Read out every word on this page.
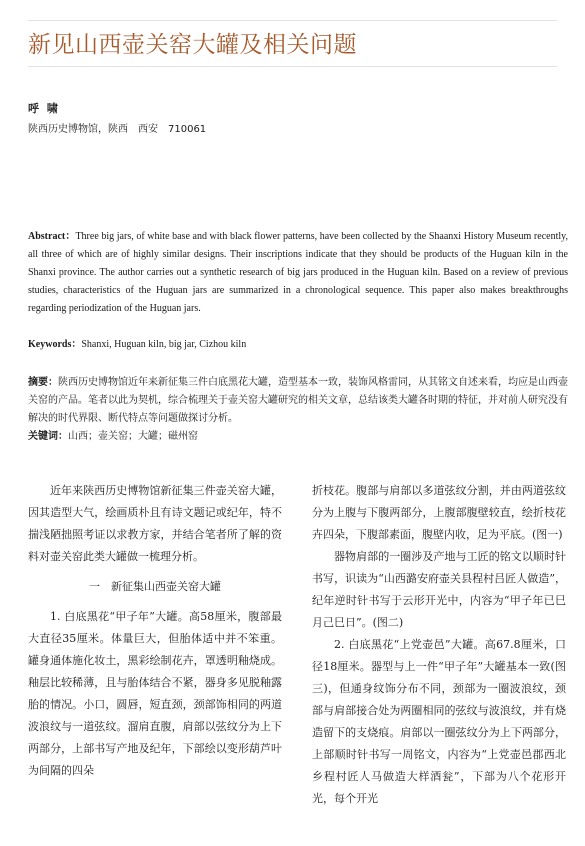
新见山西壶关窑大罐及相关问题
呼 啸
陕西历史博物馆，陕西　西安　710061
Abstract：Three big jars, of white base and with black flower patterns, have been collected by the Shaanxi History Museum recently, all three of which are of highly similar designs. Their inscriptions indicate that they should be products of the Huguan kiln in the Shanxi province. The author carries out a synthetic research of big jars produced in the Huguan kiln. Based on a review of previous studies, characteristics of the Huguan jars are summarized in a chronological sequence. This paper also makes breakthroughs regarding periodization of the Huguan jars.
Keywords：Shanxi, Huguan kiln, big jar, Cizhou kiln
摘要：陕西历史博物馆近年来新征集三件白底黑花大罐，造型基本一致，装饰风格雷同，从其铭文自述来看，均应是山西壶关窑的产品。笔者以此为契机，综合梳理关于壶关窑大罐研究的相关文章，总结该类大罐各时期的特征，并对前人研究没有解决的时代界限、断代特点等问题做探讨分析。
关键词：山西；壶关窑；大罐；磁州窑

近年来陕西历史博物馆新征集三件壶关窑大罐，因其造型大气，绘画质朴且有诗文题记或纪年，特不揣浅陋拙照考证以求教方家，并结合笔者所了解的资料对壶关窑此类大罐做一梳理分析。

一　新征集山西壶关窑大罐

1. 白底黑花“甲子年”大罐。高58厘米，腹部最大直径35厘米。体量巨大，但胎体适中并不笨重。罐身通体施化妆土，黑彩绘制花卉，罩透明釉烧成。釉层比较稀薄，且与胎体结合不紧，器身多见脱釉露胎的情况。小口，圆唇，短直颈，颈部饰相同的两道波浪纹与一道弦纹。溜肩直腹，肩部以弦纹分为上下两部分，上部书写产地及纪年，下部绘以变形葫芦叶为间隔的四朵

折枝花。腹部与肩部以多道弦纹分割，并由两道弦纹分为上腹与下腹两部分，上腹部腹壁较直，绘折枝花卉四朵，下腹部素面，腹壁内收，足为平底。(图一)

器物肩部的一圈涉及产地与工匠的铭文以顺时针书写，识读为“山西潞安府壶关县程村吕匠人做造”，纪年逆时针书写于云形开光中，内容为“甲子年已巳月己巳日”。(图二)

2. 白底黑花“上党壶邑”大罐。高67.8厘米，口径18厘米。器型与上一件“甲子年”大罐基本一致(图三)，但通身纹饰分布不同，颈部为一圈波浪纹，颈部与肩部接合处为两圈相同的弦纹与波浪纹，并有烧造留下的支烧痕。肩部以一圈弦纹分为上下两部分，上部顺时针书写一周铭文，内容为“上党壶邑郡西北乡程村匠人马做造大样酒瓮”，下部为八个花形开光，每个开光
